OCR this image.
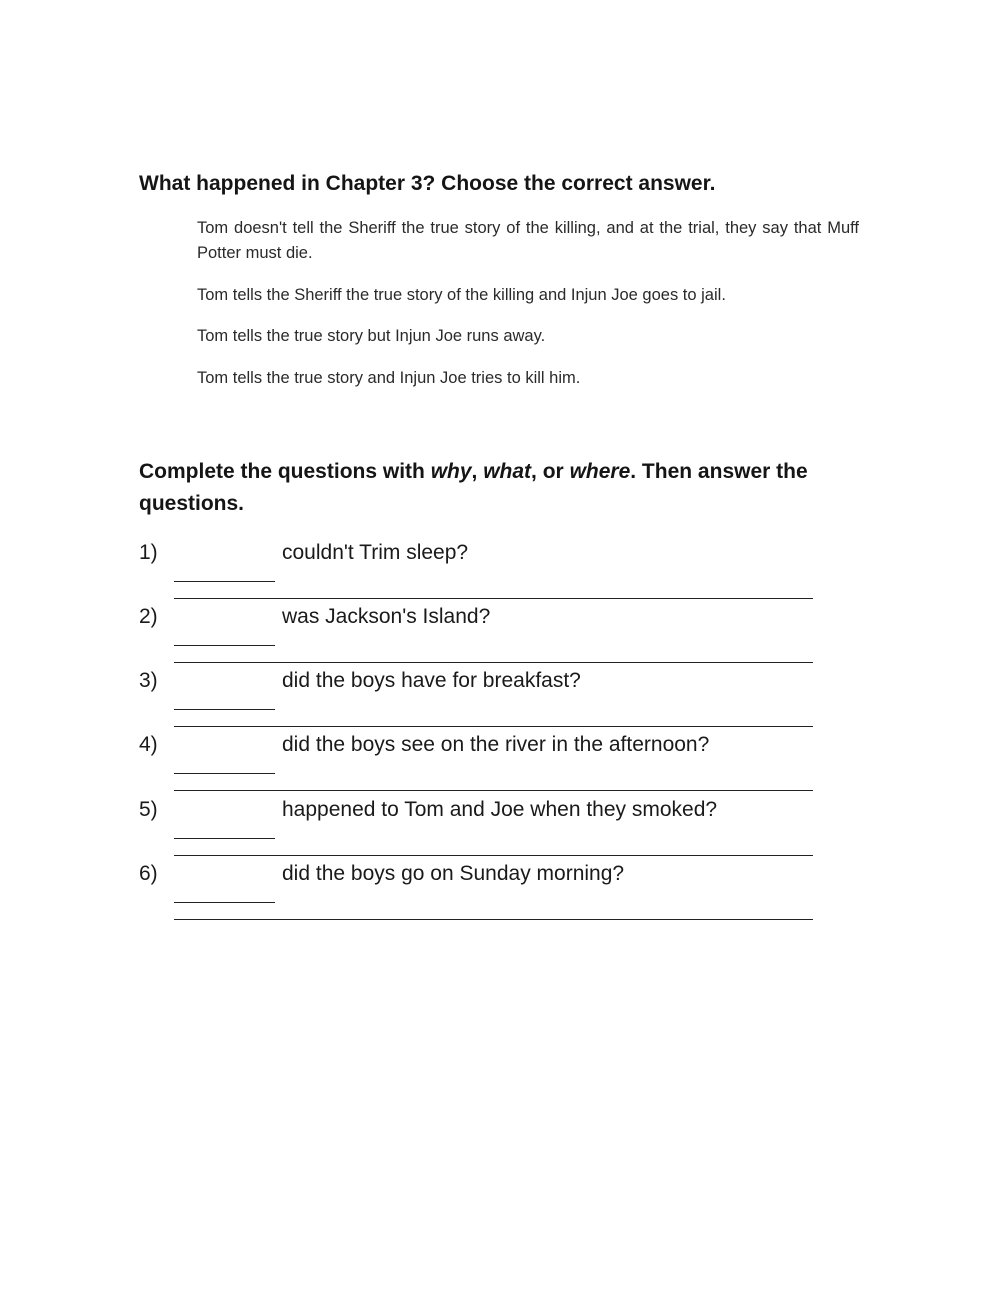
What happened in Chapter 3? Choose the correct answer.

Tom doesn't tell the Sheriff the true story of the killing, and at the trial, they say that Muff Potter must die.

Tom tells the Sheriff the true story of the killing and Injun Joe goes to jail.

Tom tells the true story but Injun Joe runs away.

Tom tells the true story and Injun Joe tries to kill him.

Complete the questions with why, what, or where. Then answer the questions.

1)	couldn't Trim sleep?
2)	was Jackson's Island?
3)	did the boys have for breakfast?
4)	did the boys see on the river in the afternoon?
5)	happened to Tom and Joe when they smoked?
6)	did the boys go on Sunday morning?
